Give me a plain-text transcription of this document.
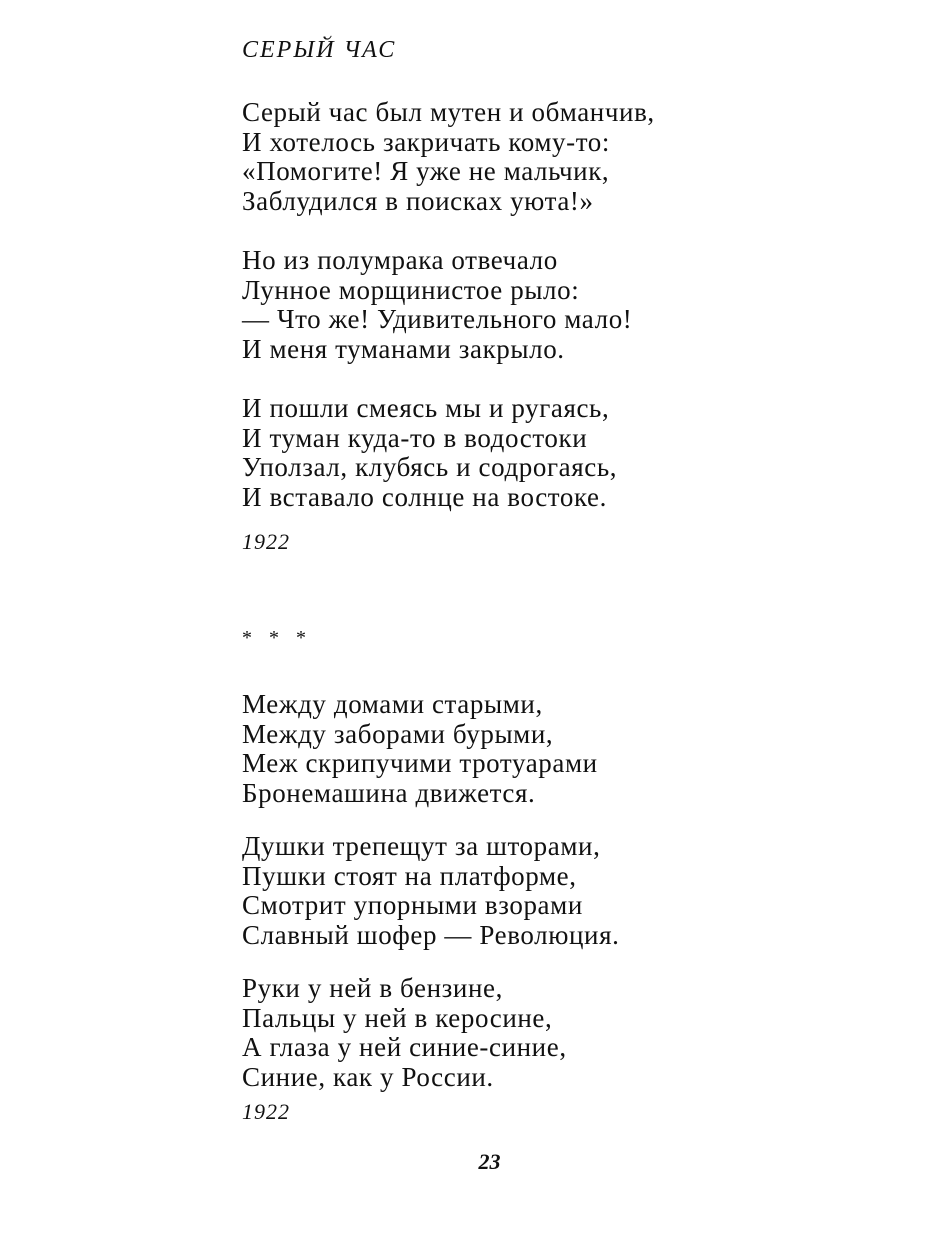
СЕРЫЙ ЧАС
Серый час был мутен и обманчив,
И хотелось закричать кому-то:
«Помогите! Я уже не мальчик,
Заблудился в поисках уюта!»
Но из полумрака отвечало
Лунное морщинистое рыло:
— Что же! Удивительного мало!
И меня туманами закрыло.
И пошли смеясь мы и ругаясь,
И туман куда-то в водостоки
Уползал, клубясь и содрогаясь,
И вставало солнце на востоке.
1922
* * *
Между домами старыми,
Между заборами бурыми,
Меж скрипучими тротуарами
Бронемашина движется.
Душки трепещут за шторами,
Пушки стоят на платформе,
Смотрит упорными взорами
Славный шофер — Революция.
Руки у ней в бензине,
Пальцы у ней в керосине,
А глаза у ней синие-синие,
Синие, как у России.
1922
23
